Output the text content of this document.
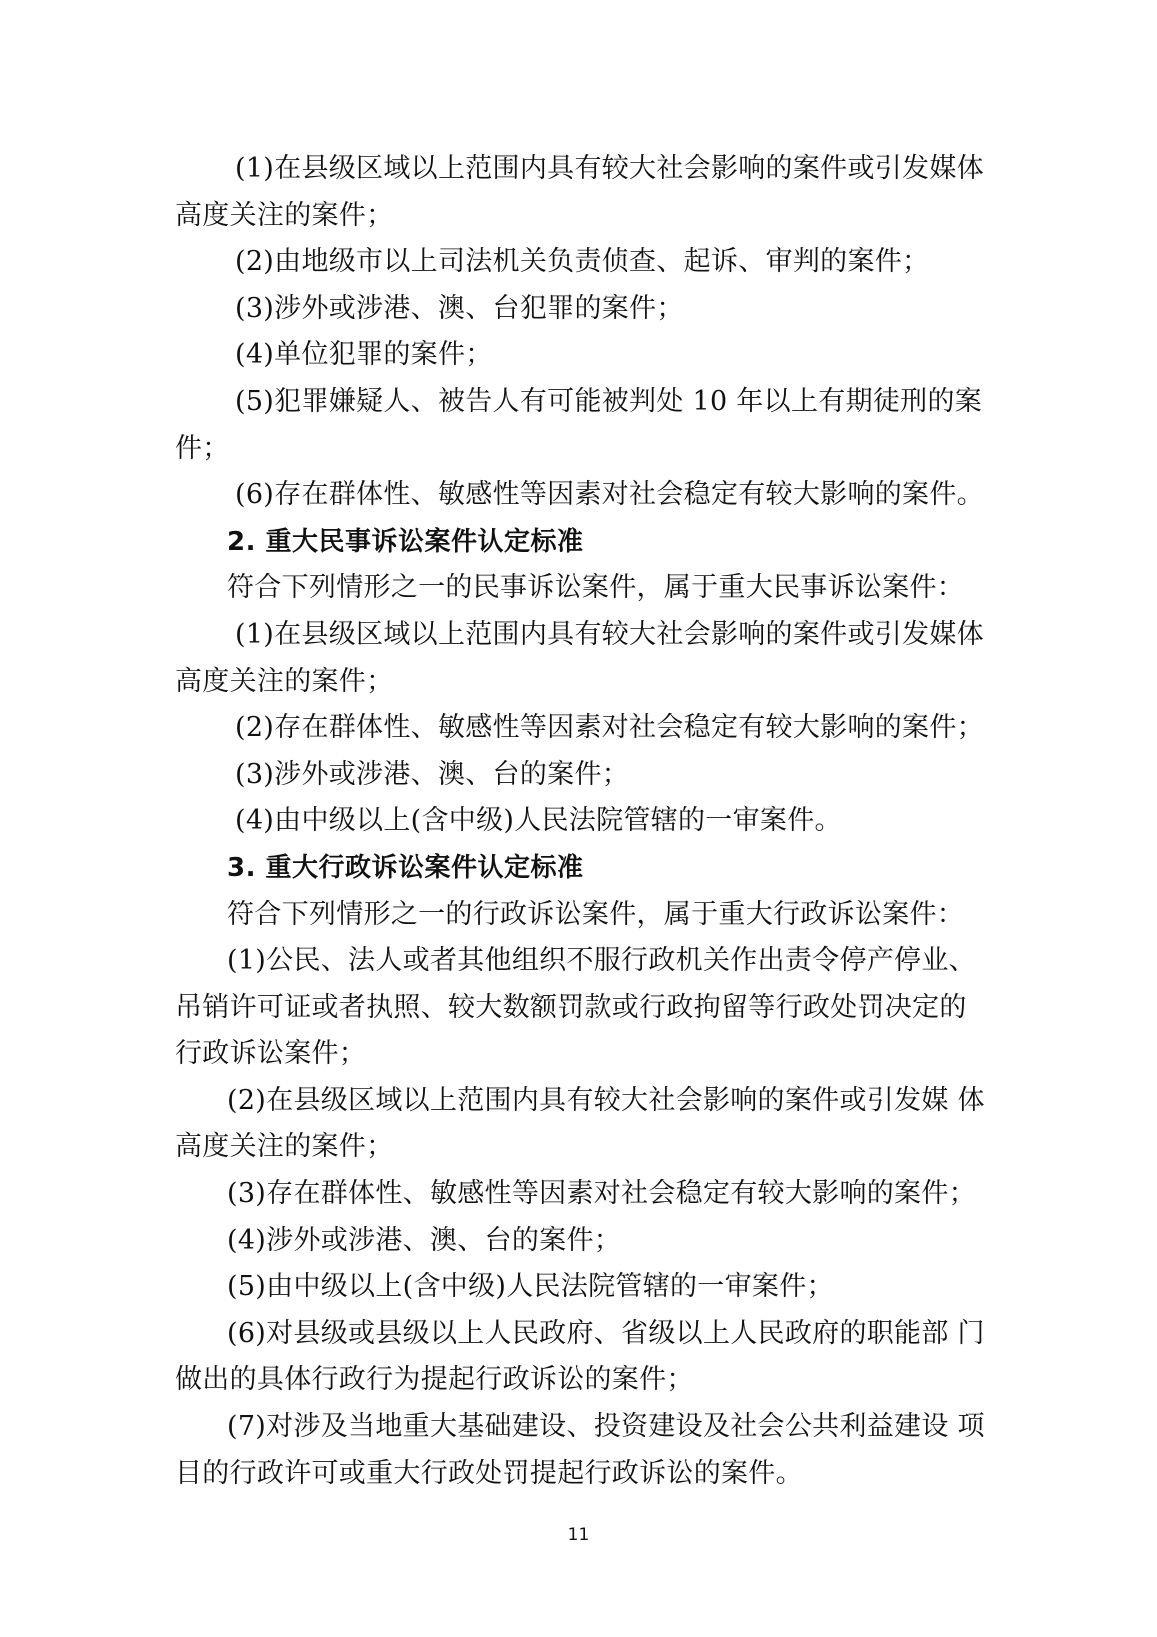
(1)在县级区域以上范围内具有较大社会影响的案件或引发媒体高度关注的案件；

(2)由地级市以上司法机关负责侦查、起诉、审判的案件；

(3)涉外或涉港、澳、台犯罪的案件；

(4)单位犯罪的案件；

(5)犯罪嫌疑人、被告人有可能被判处 10 年以上有期徒刑的案件；

(6)存在群体性、敏感性等因素对社会稳定有较大影响的案件。

2. 重大民事诉讼案件认定标准

符合下列情形之一的民事诉讼案件，属于重大民事诉讼案件：

(1)在县级区域以上范围内具有较大社会影响的案件或引发媒体高度关注的案件；

(2)存在群体性、敏感性等因素对社会稳定有较大影响的案件；

(3)涉外或涉港、澳、台的案件；

(4)由中级以上(含中级)人民法院管辖的一审案件。

3. 重大行政诉讼案件认定标准

符合下列情形之一的行政诉讼案件，属于重大行政诉讼案件：

(1)公民、法人或者其他组织不服行政机关作出责令停产停业、吊销许可证或者执照、较大数额罚款或行政拘留等行政处罚决定的行政诉讼案件；

(2)在县级区域以上范围内具有较大社会影响的案件或引发媒 体高度关注的案件；

(3)存在群体性、敏感性等因素对社会稳定有较大影响的案件；

(4)涉外或涉港、澳、台的案件；

(5)由中级以上(含中级)人民法院管辖的一审案件；

(6)对县级或县级以上人民政府、省级以上人民政府的职能部 门做出的具体行政行为提起行政诉讼的案件；

(7)对涉及当地重大基础建设、投资建设及社会公共利益建设 项目的行政许可或重大行政处罚提起行政诉讼的案件。

11
